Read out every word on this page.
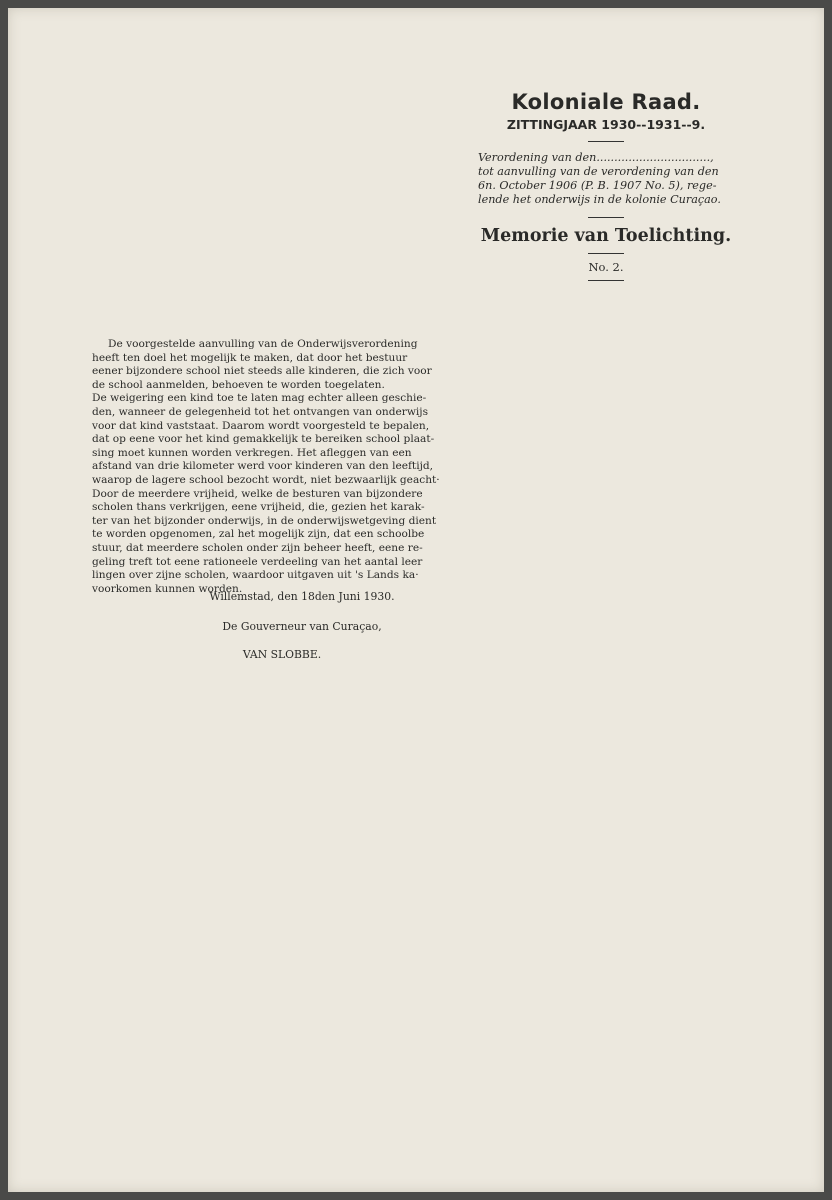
Koloniale Raad.
ZITTINGJAAR 1930--1931--9.
Verordening van den................................,
tot aanvulling van de verordening van den
6n. October 1906 (P. B. 1907 No. 5), rege-
lende het onderwijs in de kolonie Curaçao.
Memorie van Toelichting.
No. 2.
De voorgestelde aanvulling van de Onderwijsverordening
heeft ten doel het mogelijk te maken, dat door het bestuur
eener bijzondere school niet steeds alle kinderen, die zich voor
de school aanmelden, behoeven te worden toegelaten.
De weigering een kind toe te laten mag echter alleen geschie-
den, wanneer de gelegenheid tot het ontvangen van onderwijs
voor dat kind vaststaat. Daarom wordt voorgesteld te bepalen,
dat op eene voor het kind gemakkelijk te bereiken school plaat-
sing moet kunnen worden verkregen. Het afleggen van een
afstand van drie kilometer werd voor kinderen van den leeftijd,
waarop de lagere school bezocht wordt, niet bezwaarlijk geacht·
Door de meerdere vrijheid, welke de besturen van bijzondere
scholen thans verkrijgen, eene vrijheid, die, gezien het karak-
ter van het bijzonder onderwijs, in de onderwijswetgeving dient
te worden opgenomen, zal het mogelijk zijn, dat een schoolbe
stuur, dat meerdere scholen onder zijn beheer heeft, eene re-
geling treft tot eene rationeele verdeeling van het aantal leer
lingen over zijne scholen, waardoor uitgaven uit 's Lands ka·
voorkomen kunnen worden.
Willemstad, den 18den Juni 1930.
De Gouverneur van Curaçao,
VAN SLOBBE.
